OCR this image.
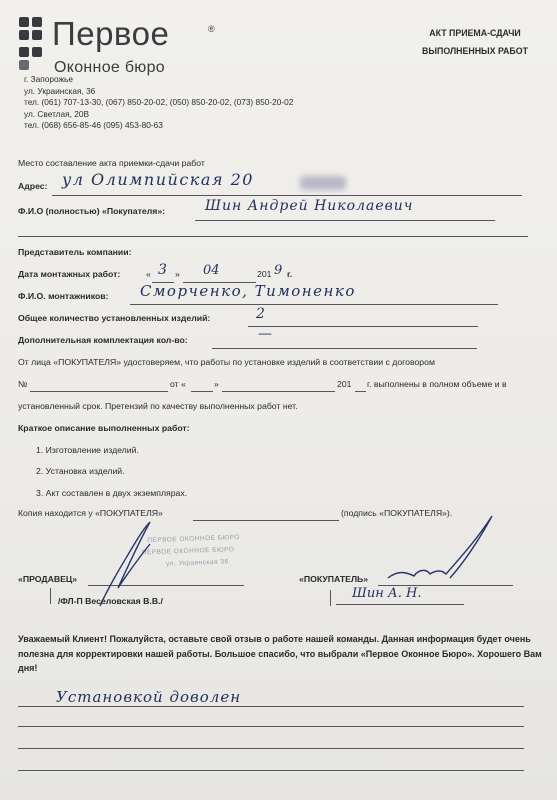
Первое	®
Оконное бюро
АКТ ПРИЕМА-СДАЧИ
ВЫПОЛНЕННЫХ РАБОТ
г. Запорожье
ул. Украинская, 36
тел. (061) 707-13-30, (067) 850-20-02, (050) 850-20-02, (073) 850-20-02
ул. Светлая, 20В
тел. (068) 656-85-46 (095) 453-80-63
Место составление акта приемки-сдачи работ
Адрес: ул Олимпийская 20
Ф.И.О (полностью) «Покупателя»:	Шин Андрей Николаевич
Представитель компании:
Дата монтажных работ:	« 3 » 04	201 9 г.
Ф.И.О. монтажников: Сморченко, Тимоненко
Общее количество установленных изделий:	2
Дополнительная комплектация кол-во:	—
От лица «ПОКУПАТЕЛЯ» удостоверяем, что работы по установке изделий в соответствии с договором
№	от «	»	201 г. выполнены в полном объеме и в
установленный срок. Претензий по качеству выполненных работ нет.
Краткое описание выполненных работ:
1. Изготовление изделий.
2. Установка изделий.
3. Акт составлен в двух экземплярах.
Копия находится у «ПОКУПАТЕЛЯ»	(подпись «ПОКУПАТЕЛЯ»).
ПЕРВОЕ ОКОННОЕ БЮРО
ПЕРВОЕ ОКОННОЕ БЮРО
ул. Украинская 36
«ПРОДАВЕЦ»
/ФЛ-П Веселовская В.В./
«ПОКУПАТЕЛЬ»
Шин А. Н.
Уважаемый Клиент! Пожалуйста, оставьте свой отзыв о работе нашей команды. Данная информация будет очень полезна для корректировки нашей работы. Большое спасибо, что выбрали «Первое Оконное Бюро». Хорошего Вам дня!
Установкой доволен
